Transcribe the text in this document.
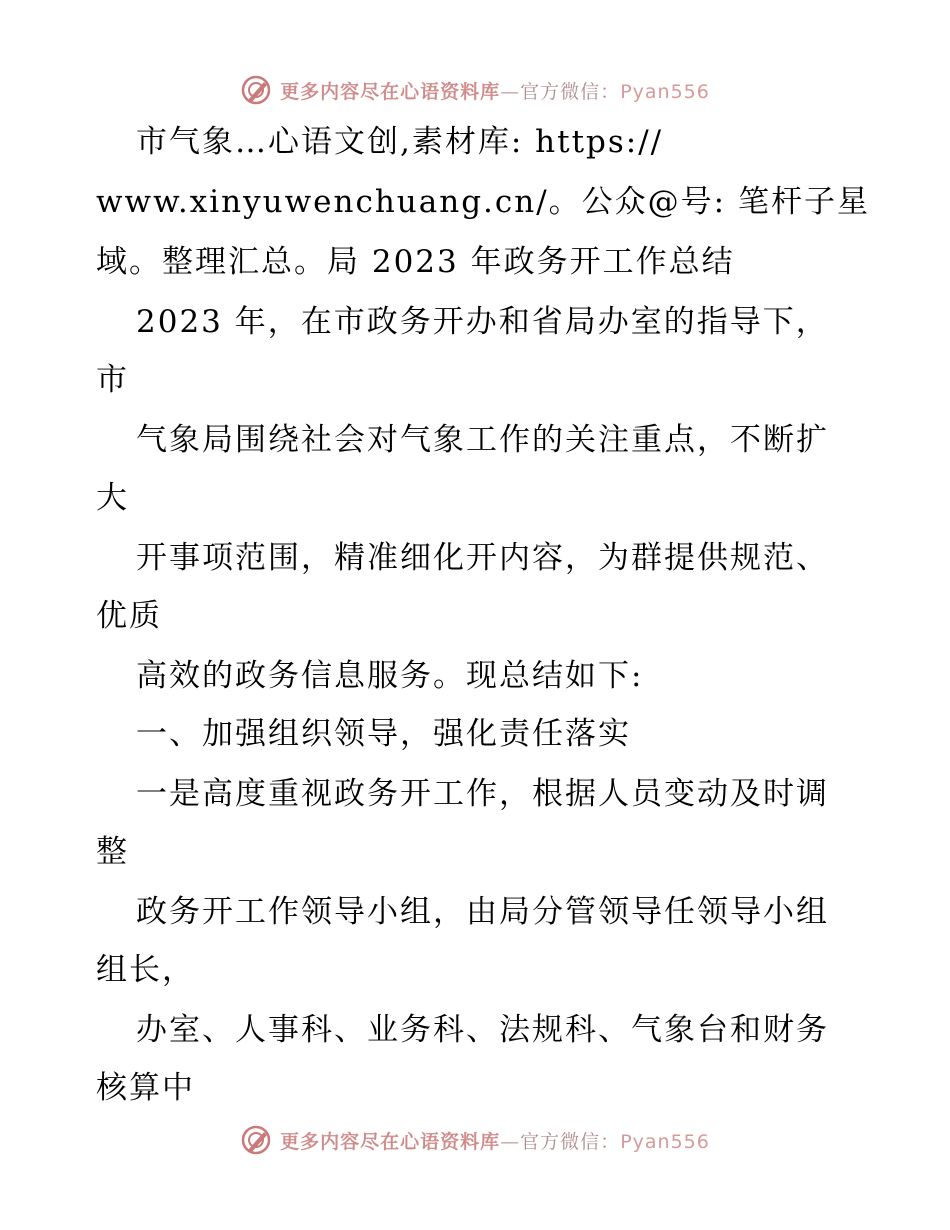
更多内容尽在心语资料库—官方微信：Pyan556
市气象…心语文创,素材库: https://
www.xinyuwenchuang.cn/。公众@号: 笔杆子星
域。整理汇总。局 2023 年政务开工作总结
2023 年，在市政务开办和省局办室的指导下，
市
气象局围绕社会对气象工作的关注重点，不断扩
大
开事项范围，精准细化开内容，为群提供规范、
优质
高效的政务信息服务。现总结如下:
一、加强组织领导，强化责任落实
一是高度重视政务开工作，根据人员变动及时调
整
政务开工作领导小组，由局分管领导任领导小组
组长，
办室、人事科、业务科、法规科、气象台和财务
核算中
更多内容尽在心语资料库—官方微信：Pyan556
